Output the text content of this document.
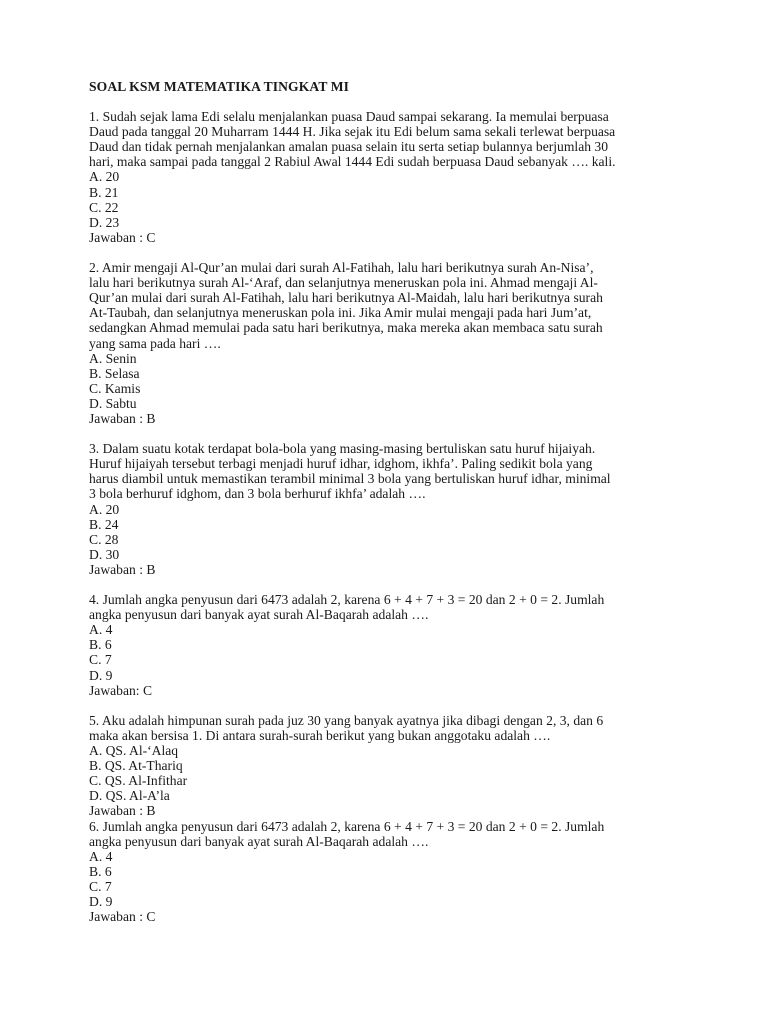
SOAL KSM MATEMATIKA TINGKAT MI
1. Sudah sejak lama Edi selalu menjalankan puasa Daud sampai sekarang. Ia memulai berpuasa
Daud pada tanggal 20 Muharram 1444 H. Jika sejak itu Edi belum sama sekali terlewat berpuasa
Daud dan tidak pernah menjalankan amalan puasa selain itu serta setiap bulannya berjumlah 30
hari, maka sampai pada tanggal 2 Rabiul Awal 1444 Edi sudah berpuasa Daud sebanyak …. kali.
A. 20
B. 21
C. 22
D. 23
Jawaban : C
2. Amir mengaji Al-Qur’an mulai dari surah Al-Fatihah, lalu hari berikutnya surah An-Nisa’,
lalu hari berikutnya surah Al-‘Araf, dan selanjutnya meneruskan pola ini. Ahmad mengaji Al-
Qur’an mulai dari surah Al-Fatihah, lalu hari berikutnya Al-Maidah, lalu hari berikutnya surah
At-Taubah, dan selanjutnya meneruskan pola ini. Jika Amir mulai mengaji pada hari Jum’at,
sedangkan Ahmad memulai pada satu hari berikutnya, maka mereka akan membaca satu surah
yang sama pada hari ….
A. Senin
B. Selasa
C. Kamis
D. Sabtu
Jawaban : B
3. Dalam suatu kotak terdapat bola-bola yang masing-masing bertuliskan satu huruf hijaiyah.
Huruf hijaiyah tersebut terbagi menjadi huruf idhar, idghom, ikhfa’. Paling sedikit bola yang
harus diambil untuk memastikan terambil minimal 3 bola yang bertuliskan huruf idhar, minimal
3 bola berhuruf idghom, dan 3 bola berhuruf ikhfa’ adalah ….
A. 20
B. 24
C. 28
D. 30
Jawaban : B
4. Jumlah angka penyusun dari 6473 adalah 2, karena 6 + 4 + 7 + 3 = 20 dan 2 + 0 = 2. Jumlah
angka penyusun dari banyak ayat surah Al-Baqarah adalah ….
A. 4
B. 6
C. 7
D. 9
Jawaban: C
5. Aku adalah himpunan surah pada juz 30 yang banyak ayatnya jika dibagi dengan 2, 3, dan 6
maka akan bersisa 1. Di antara surah-surah berikut yang bukan anggotaku adalah ….
A. QS. Al-‘Alaq
B. QS. At-Thariq
C. QS. Al-Infithar
D. QS. Al-A’la
Jawaban : B
6. Jumlah angka penyusun dari 6473 adalah 2, karena 6 + 4 + 7 + 3 = 20 dan 2 + 0 = 2. Jumlah
angka penyusun dari banyak ayat surah Al-Baqarah adalah ….
A. 4
B. 6
C. 7
D. 9
Jawaban : C
